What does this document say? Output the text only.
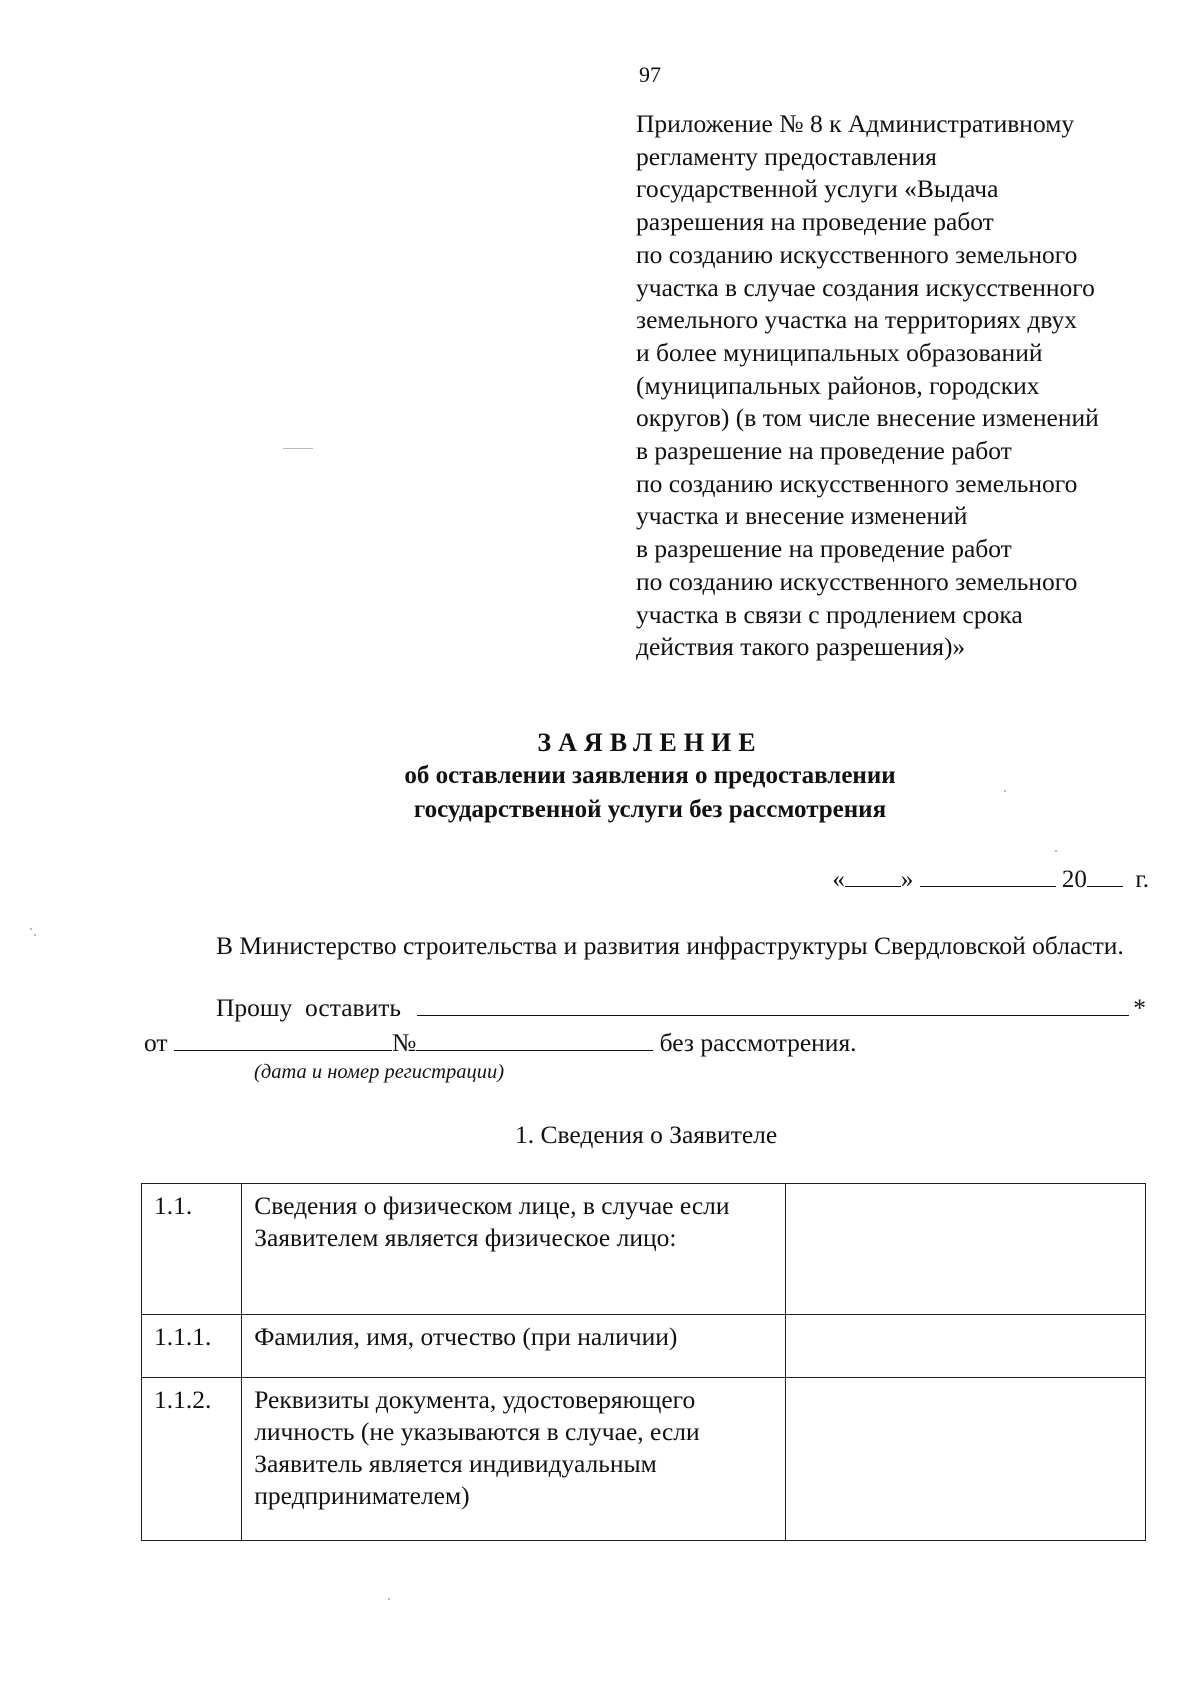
97
Приложение № 8 к Административному
регламенту предоставления
государственной услуги «Выдача
разрешения на проведение работ
по созданию искусственного земельного
участка в случае создания искусственного
земельного участка на территориях двух
и более муниципальных образований
(муниципальных районов, городских
округов) (в том числе внесение изменений
в разрешение на проведение работ
по созданию искусственного земельного
участка и внесение изменений
в разрешение на проведение работ
по созданию искусственного земельного
участка в связи с продлением срока
действия такого разрешения)»
ЗАЯВЛЕНИЕ
об оставлении заявления о предоставлении
государственной услуги без рассмотрения
« »	20 г.
В Министерство строительства и развития инфраструктуры Свердловской области.
Прошу  оставить	*
от	№	без рассмотрения.
(дата и номер регистрации)
1. Сведения о Заявителе
1.1.	Сведения о физическом лице, в случае если Заявителем является физическое лицо:	
1.1.1.	Фамилия, имя, отчество (при наличии)	
1.1.2.	Реквизиты документа, удостоверяющего личность (не указываются в случае, если Заявитель является индивидуальным предпринимателем)	
